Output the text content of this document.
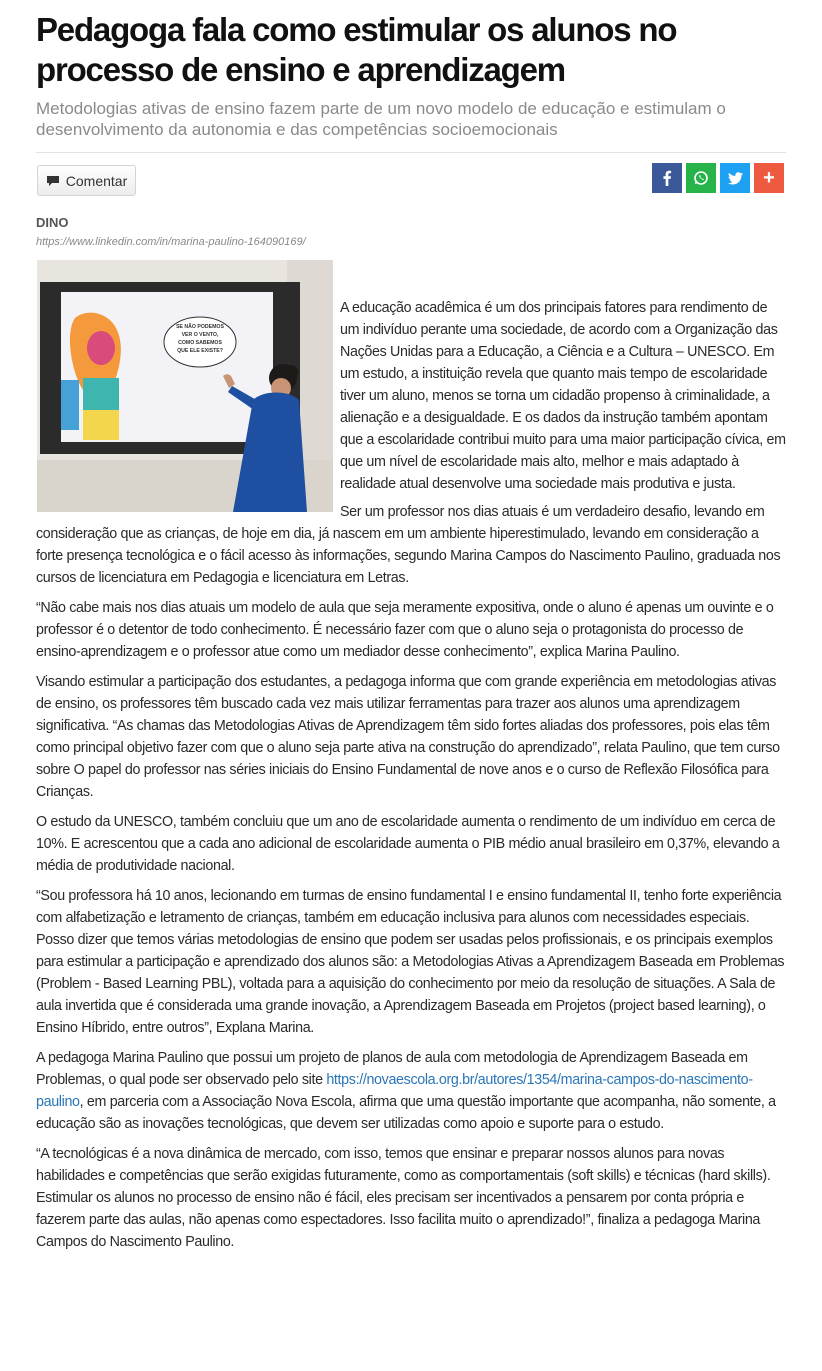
Pedagoga fala como estimular os alunos no processo de ensino e aprendizagem

Metodologias ativas de ensino fazem parte de um novo modelo de educação e estimulam o desenvolvimento da autonomia e das competências socioemocionais

Comentar	+
DINO
https://www.linkedin.com/in/marina-paulino-164090169/
SE NÃO PODEMOS
VER O VENTO,
COMO SABEMOS
QUE ELE EXISTE?

A educação acadêmica é um dos principais fatores para rendimento de um indivíduo perante uma sociedade, de acordo com a Organização das Nações Unidas para a Educação, a Ciência e a Cultura – UNESCO. Em um estudo, a instituição revela que quanto mais tempo de escolaridade tiver um aluno, menos se torna um cidadão propenso à criminalidade, a alienação e a desigualdade. E os dados da instrução também apontam que a escolaridade contribui muito para uma maior participação cívica, em que um nível de escolaridade mais alto, melhor e mais adaptado à realidade atual desenvolve uma sociedade mais produtiva e justa.

Ser um professor nos dias atuais é um verdadeiro desafio, levando em consideração que as crianças, de hoje em dia, já nascem em um ambiente hiperestimulado, levando em consideração a forte presença tecnológica e o fácil acesso às informações, segundo Marina Campos do Nascimento Paulino, graduada nos cursos de licenciatura em Pedagogia e licenciatura em Letras.

“Não cabe mais nos dias atuais um modelo de aula que seja meramente expositiva, onde o aluno é apenas um ouvinte e o professor é o detentor de todo conhecimento. É necessário fazer com que o aluno seja o protagonista do processo de ensino-aprendizagem e o professor atue como um mediador desse conhecimento”, explica Marina Paulino.

Visando estimular a participação dos estudantes, a pedagoga informa que com grande experiência em metodologias ativas de ensino, os professores têm buscado cada vez mais utilizar ferramentas para trazer aos alunos uma aprendizagem significativa. “As chamas das Metodologias Ativas de Aprendizagem têm sido fortes aliadas dos professores, pois elas têm como principal objetivo fazer com que o aluno seja parte ativa na construção do aprendizado”, relata Paulino, que tem curso sobre O papel do professor nas séries iniciais do Ensino Fundamental de nove anos e o curso de Reflexão Filosófica para Crianças.

O estudo da UNESCO, também concluiu que um ano de escolaridade aumenta o rendimento de um indivíduo em cerca de 10%. E acrescentou que a cada ano adicional de escolaridade aumenta o PIB médio anual brasileiro em 0,37%, elevando a média de produtividade nacional.

“Sou professora há 10 anos, lecionando em turmas de ensino fundamental I e ensino fundamental II, tenho forte experiência com alfabetização e letramento de crianças, também em educação inclusiva para alunos com necessidades especiais. Posso dizer que temos várias metodologias de ensino que podem ser usadas pelos profissionais, e os principais exemplos para estimular a participação e aprendizado dos alunos são: a Metodologias Ativas a Aprendizagem Baseada em Problemas (Problem - Based Learning PBL), voltada para a aquisição do conhecimento por meio da resolução de situações. A Sala de aula invertida que é considerada uma grande inovação, a Aprendizagem Baseada em Projetos (project based learning), o Ensino Híbrido, entre outros”, Explana Marina.

A pedagoga Marina Paulino que possui um projeto de planos de aula com metodologia de Aprendizagem Baseada em Problemas, o qual pode ser observado pelo site https://novaescola.org.br/autores/1354/marina-campos-do-nascimento-paulino, em parceria com a Associação Nova Escola, afirma que uma questão importante que acompanha, não somente, a educação são as inovações tecnológicas, que devem ser utilizadas como apoio e suporte para o estudo.

“A tecnológicas é a nova dinâmica de mercado, com isso, temos que ensinar e preparar nossos alunos para novas habilidades e competências que serão exigidas futuramente, como as comportamentais (soft skills) e técnicas (hard skills). Estimular os alunos no processo de ensino não é fácil, eles precisam ser incentivados a pensarem por conta própria e fazerem parte das aulas, não apenas como espectadores. Isso facilita muito o aprendizado!”, finaliza a pedagoga Marina Campos do Nascimento Paulino.
